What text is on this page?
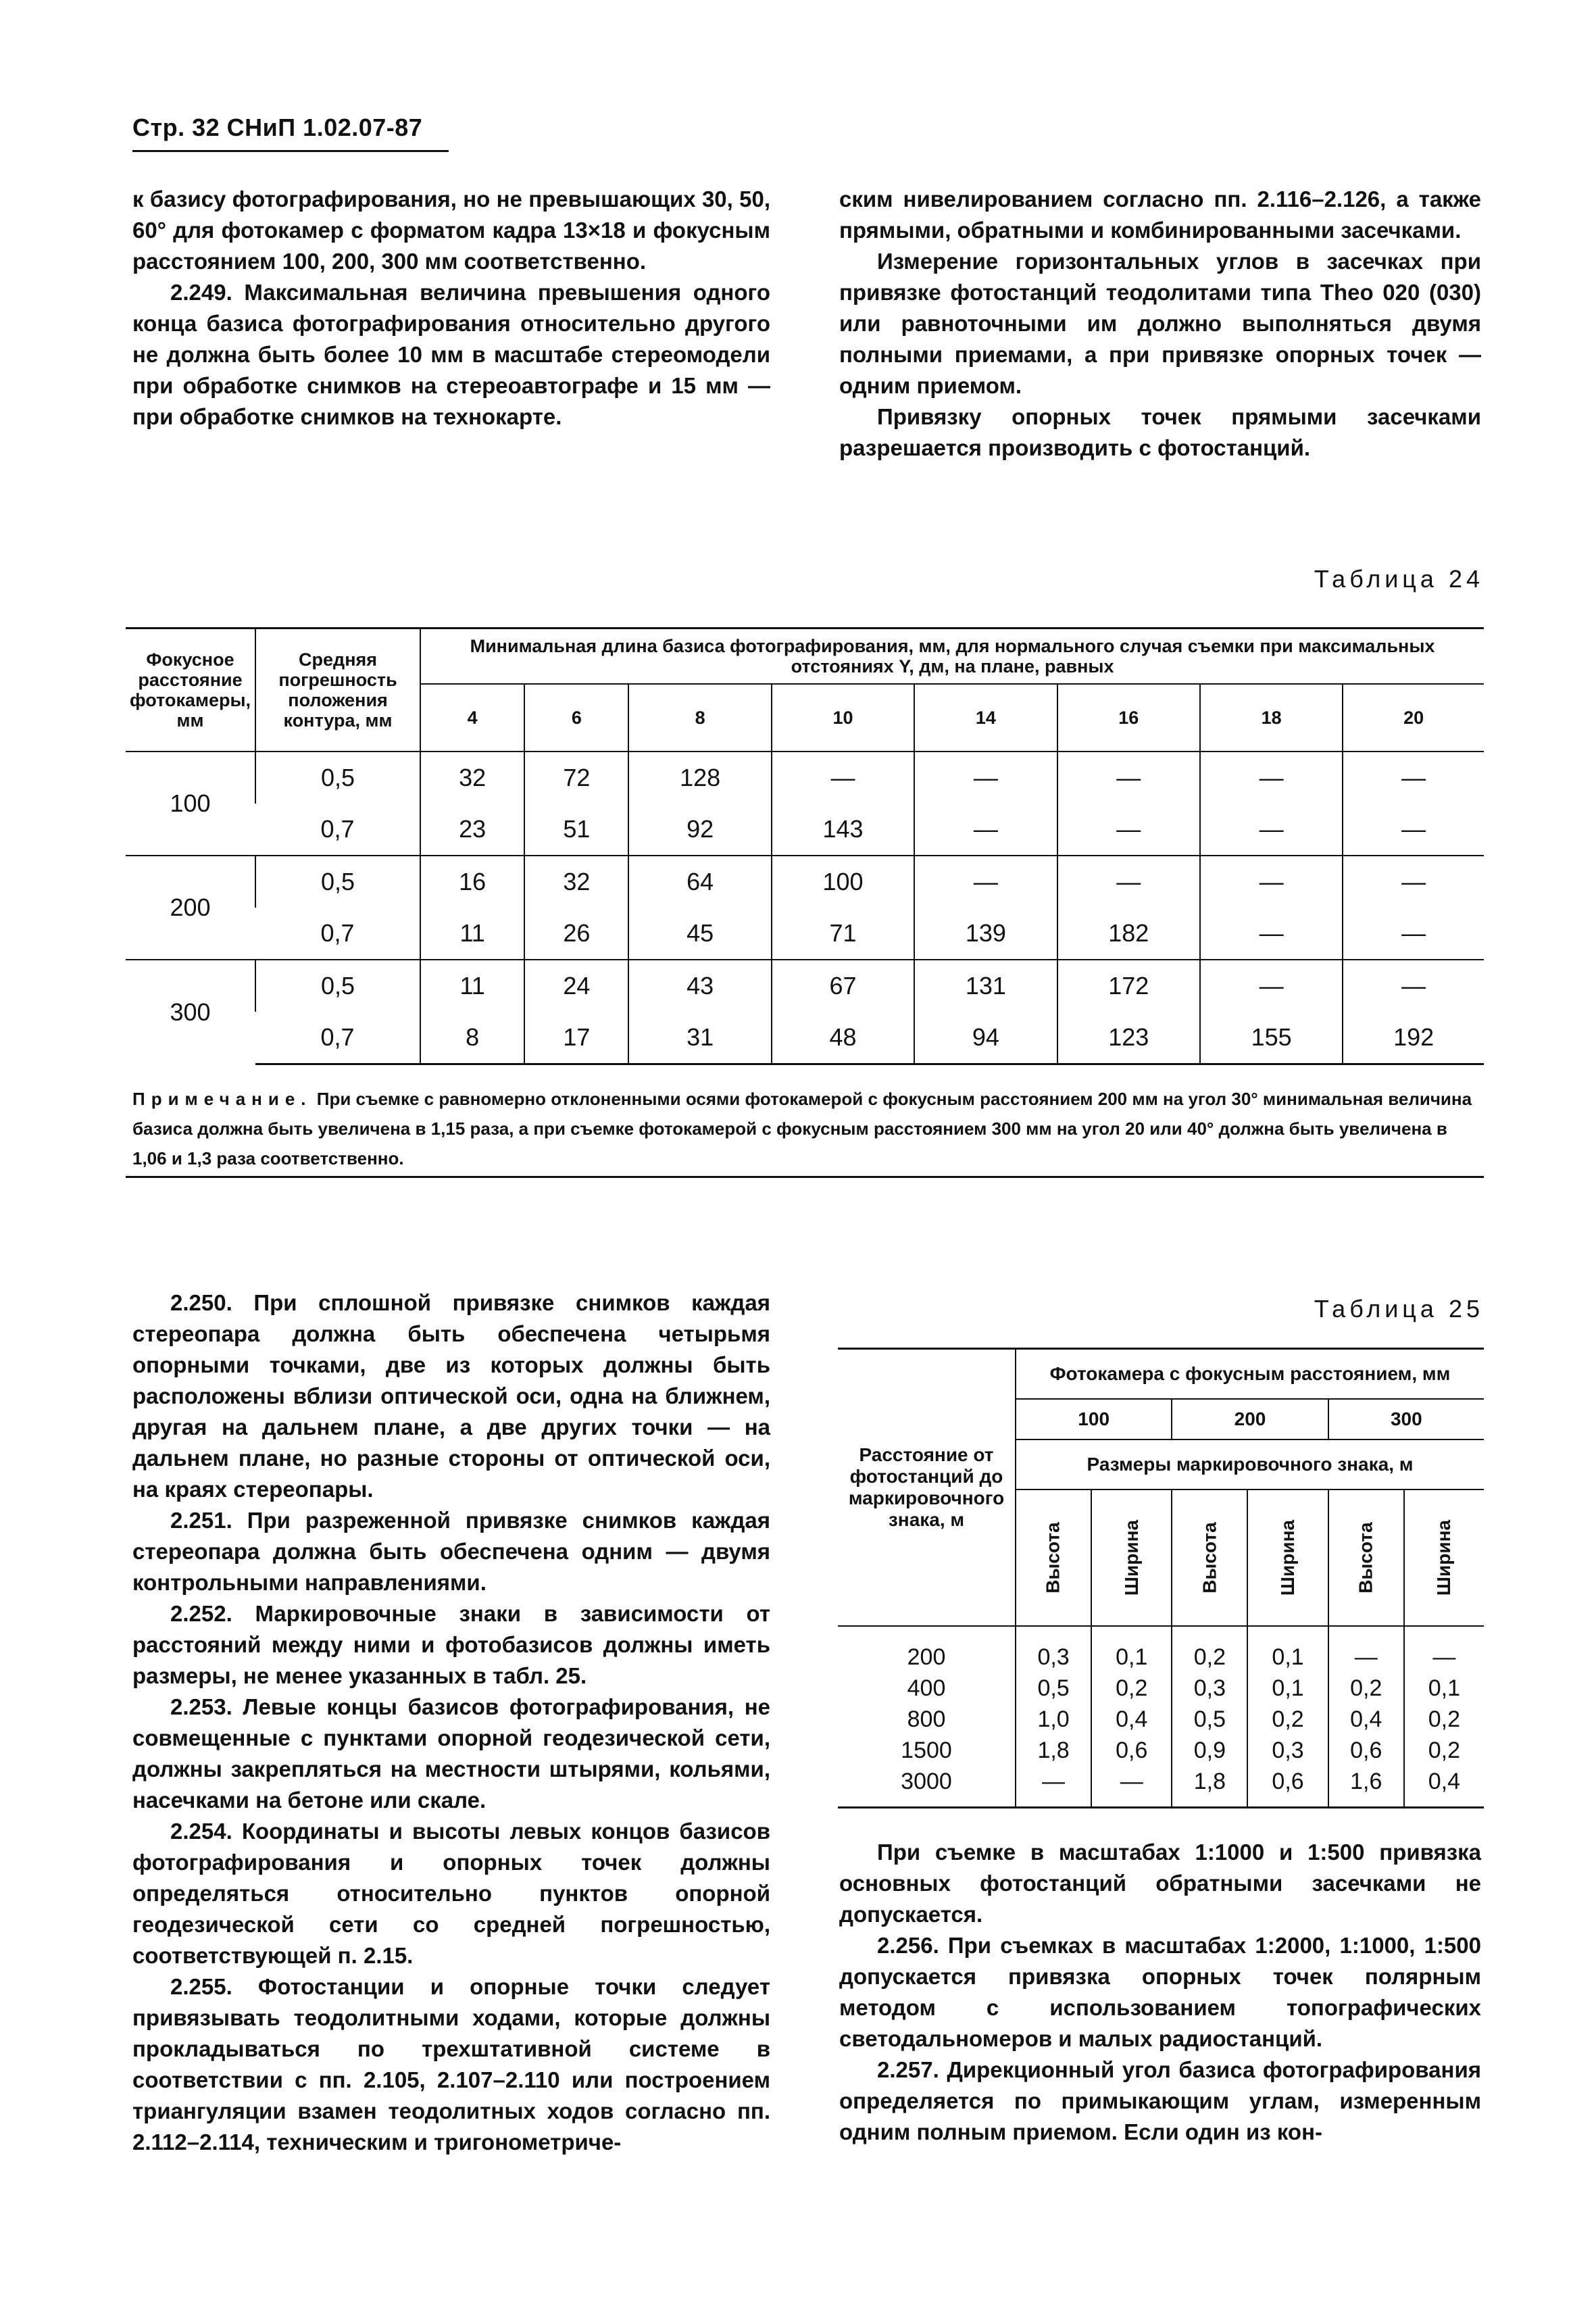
Стр. 32 СНиП 1.02.07-87

к базису фотографирования, но не превышающих 30, 50, 60° для фотокамер с форматом кадра 13×18 и фокусным расстоянием 100, 200, 300 мм соответственно.

2.249. Максимальная величина превышения одного конца базиса фотографирования относительно другого не должна быть более 10 мм в масштабе стереомодели при обработке снимков на стереоавтографе и 15 мм — при обработке снимков на технокарте.

ским нивелированием согласно пп. 2.116–2.126, а также прямыми, обратными и комбинированными засечками.

Измерение горизонтальных углов в засечках при привязке фотостанций теодолитами типа Theo 020 (030) или равноточными им должно выполняться двумя полными приемами, а при привязке опорных точек — одним приемом.

Привязку опорных точек прямыми засечками разрешается производить с фотостанций.

Таблица 24
Фокусное расстояние фотокамеры, мм	Средняя погрешность положения контура, мм	Минимальная длина базиса фотографирования, мм, для нормального случая съемки при максимальных отстояниях Y, дм, на плане, равных							
		4	6	8	10	14	16	18	20
100	0,5	32	72	128	—	—	—	—	—
	0,7	23	51	92	143	—	—	—	—
200	0,5	16	32	64	100	—	—	—	—
	0,7	11	26	45	71	139	182	—	—
300	0,5	11	24	43	67	131	172	—	—
	0,7	8	17	31	48	94	123	155	192
Примечание. При съемке с равномерно отклоненными осями фотокамерой с фокусным расстоянием 200 мм на угол 30° минимальная величина базиса должна быть увеличена в 1,15 раза, а при съемке фотокамерой с фокусным расстоянием 300 мм на угол 20 или 40° должна быть увеличена в 1,06 и 1,3 раза соответственно.

2.250. При сплошной привязке снимков каждая стереопара должна быть обеспечена четырьмя опорными точками, две из которых должны быть расположены вблизи оптической оси, одна на ближнем, другая на дальнем плане, а две других точки — на дальнем плане, но разные стороны от оптической оси, на краях стереопары.

2.251. При разреженной привязке снимков каждая стереопара должна быть обеспечена одним — двумя контрольными направлениями.

2.252. Маркировочные знаки в зависимости от расстояний между ними и фотобазисов должны иметь размеры, не менее указанных в табл. 25.

2.253. Левые концы базисов фотографирования, не совмещенные с пунктами опорной геодезической сети, должны закрепляться на местности штырями, кольями, насечками на бетоне или скале.

2.254. Координаты и высоты левых концов базисов фотографирования и опорных точек должны определяться относительно пунктов опорной геодезической сети со средней погрешностью, соответствующей п. 2.15.

2.255. Фотостанции и опорные точки следует привязывать теодолитными ходами, которые должны прокладываться по трехштативной системе в соответствии с пп. 2.105, 2.107–2.110 или построением триангуляции взамен теодолитных ходов согласно пп. 2.112–2.114, техническим и тригонометриче-

Таблица 25
Расстояние от фотостанций до маркировочного знака, м	Фотокамера с фокусным расстоянием, мм					
	100		200		300	
	Размеры маркировочного знака, м					
	Высота	Ширина	Высота	Ширина	Высота	Ширина
200	0,3	0,1	0,2	0,1	—	—
400	0,5	0,2	0,3	0,1	0,2	0,1
800	1,0	0,4	0,5	0,2	0,4	0,2
1500	1,8	0,6	0,9	0,3	0,6	0,2
3000	—	—	1,8	0,6	1,6	0,4

При съемке в масштабах 1:1000 и 1:500 привязка основных фотостанций обратными засечками не допускается.

2.256. При съемках в масштабах 1:2000, 1:1000, 1:500 допускается привязка опорных точек полярным методом с использованием топографических светодальномеров и малых радиостанций.

2.257. Дирекционный угол базиса фотографирования определяется по примыкающим углам, измеренным одним полным приемом. Если один из кон-
